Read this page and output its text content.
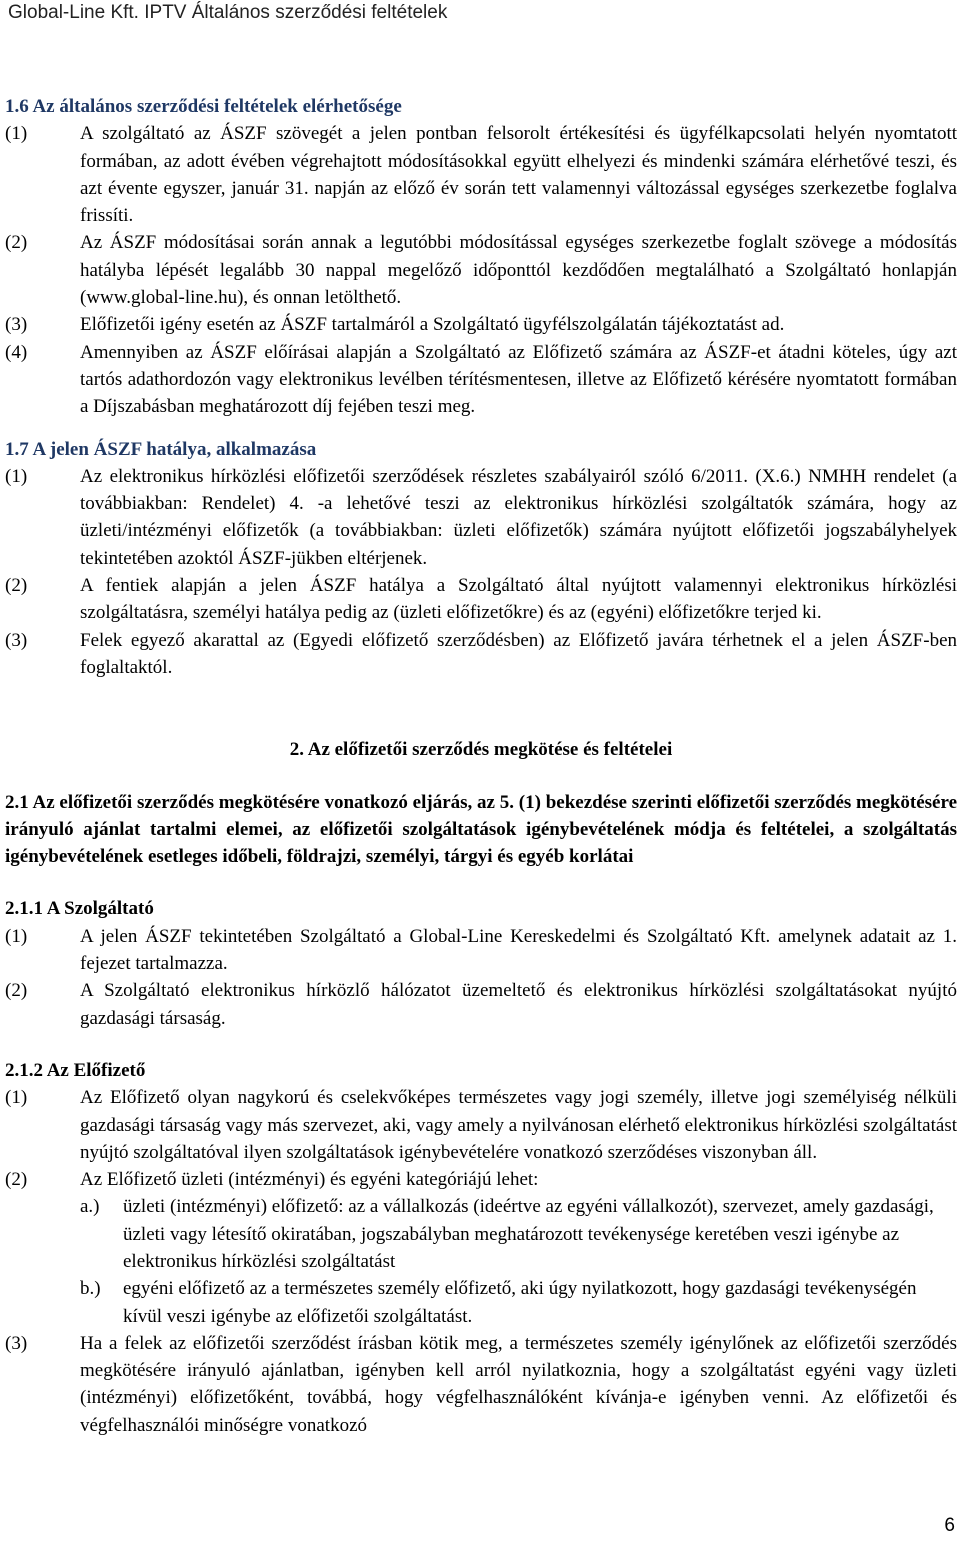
Global-Line Kft. IPTV Általános szerződési feltételek

1.6 Az általános szerződési feltételek elérhetősége

(1)	A szolgáltató az ÁSZF szövegét a jelen pontban felsorolt értékesítési és ügyfélkapcsolati helyén nyomtatott formában, az adott évében végrehajtott módosításokkal együtt elhelyezi és mindenki számára elérhetővé teszi, és azt évente egyszer, január 31. napján az előző év során tett valamennyi változással egységes szerkezetbe foglalva frissíti.
(2)	Az ÁSZF módosításai során annak a legutóbbi módosítással egységes szerkezetbe foglalt szövege a módosítás hatályba lépését legalább 30 nappal megelőző időponttól kezdődően megtalálható a Szolgáltató honlapján (www.global-line.hu), és onnan letölthető.
(3)	Előfizetői igény esetén az ÁSZF tartalmáról a Szolgáltató ügyfélszolgálatán tájékoztatást ad.
(4)	Amennyiben az ÁSZF előírásai alapján a Szolgáltató az Előfizető számára az ÁSZF-et átadni köteles, úgy azt tartós adathordozón vagy elektronikus levélben térítésmentesen, illetve az Előfizető kérésére nyomtatott formában a Díjszabásban meghatározott díj fejében teszi meg.

1.7 A jelen ÁSZF hatálya, alkalmazása

(1)	Az elektronikus hírközlési előfizetői szerződések részletes szabályairól szóló 6/2011. (X.6.) NMHH rendelet (a továbbiakban: Rendelet) 4. -a lehetővé teszi az elektronikus hírközlési szolgáltatók számára, hogy az üzleti/intézményi előfizetők (a továbbiakban: üzleti előfizetők) számára nyújtott előfizetői jogszabályhelyek tekintetében azoktól ÁSZF-jükben eltérjenek.
(2)	A fentiek alapján a jelen ÁSZF hatálya a Szolgáltató által nyújtott valamennyi elektronikus hírközlési szolgáltatásra, személyi hatálya pedig az (üzleti előfizetőkre) és az (egyéni) előfizetőkre terjed ki.
(3)	Felek egyező akarattal az (Egyedi előfizető szerződésben) az Előfizető javára térhetnek el a jelen ÁSZF-ben foglaltaktól.

2. Az előfizetői szerződés megkötése és feltételei

2.1 Az előfizetői szerződés megkötésére vonatkozó eljárás, az 5. (1) bekezdése szerinti előfizetői szerződés megkötésére irányuló ajánlat tartalmi elemei, az előfizetői szolgáltatások igénybevételének módja és feltételei, a szolgáltatás igénybevételének esetleges időbeli, földrajzi, személyi, tárgyi és egyéb korlátai

2.1.1 A Szolgáltató

(1)	A jelen ÁSZF tekintetében Szolgáltató a Global-Line Kereskedelmi és Szolgáltató Kft. amelynek adatait az 1. fejezet tartalmazza.
(2)	A Szolgáltató elektronikus hírközlő hálózatot üzemeltető és elektronikus hírközlési szolgáltatásokat nyújtó gazdasági társaság.

2.1.2 Az Előfizető

(1)	Az Előfizető olyan nagykorú és cselekvőképes természetes vagy jogi személy, illetve jogi személyiség nélküli gazdasági társaság vagy más szervezet, aki, vagy amely a nyilvánosan elérhető elektronikus hírközlési szolgáltatást nyújtó szolgáltatóval ilyen szolgáltatások igénybevételére vonatkozó szerződéses viszonyban áll.
(2)	Az Előfizető üzleti (intézményi) és egyéni kategóriájú lehet:
a.)	üzleti (intézményi) előfizető: az a vállalkozás (ideértve az egyéni vállalkozót), szervezet, amely gazdasági, üzleti vagy létesítő okiratában, jogszabályban meghatározott tevékenysége keretében veszi igénybe az elektronikus hírközlési szolgáltatást
b.)	egyéni előfizető az a természetes személy előfizető, aki úgy nyilatkozott, hogy gazdasági tevékenységén kívül veszi igénybe az előfizetői szolgáltatást.
(3)	Ha a felek az előfizetői szerződést írásban kötik meg, a természetes személy igénylőnek az előfizetői szerződés megkötésére irányuló ajánlatban, igényben kell arról nyilatkoznia, hogy a szolgáltatást egyéni vagy üzleti (intézményi) előfizetőként, továbbá, hogy végfelhasználóként kívánja-e igényben venni. Az előfizetői és végfelhasználói minőségre vonatkozó
6
